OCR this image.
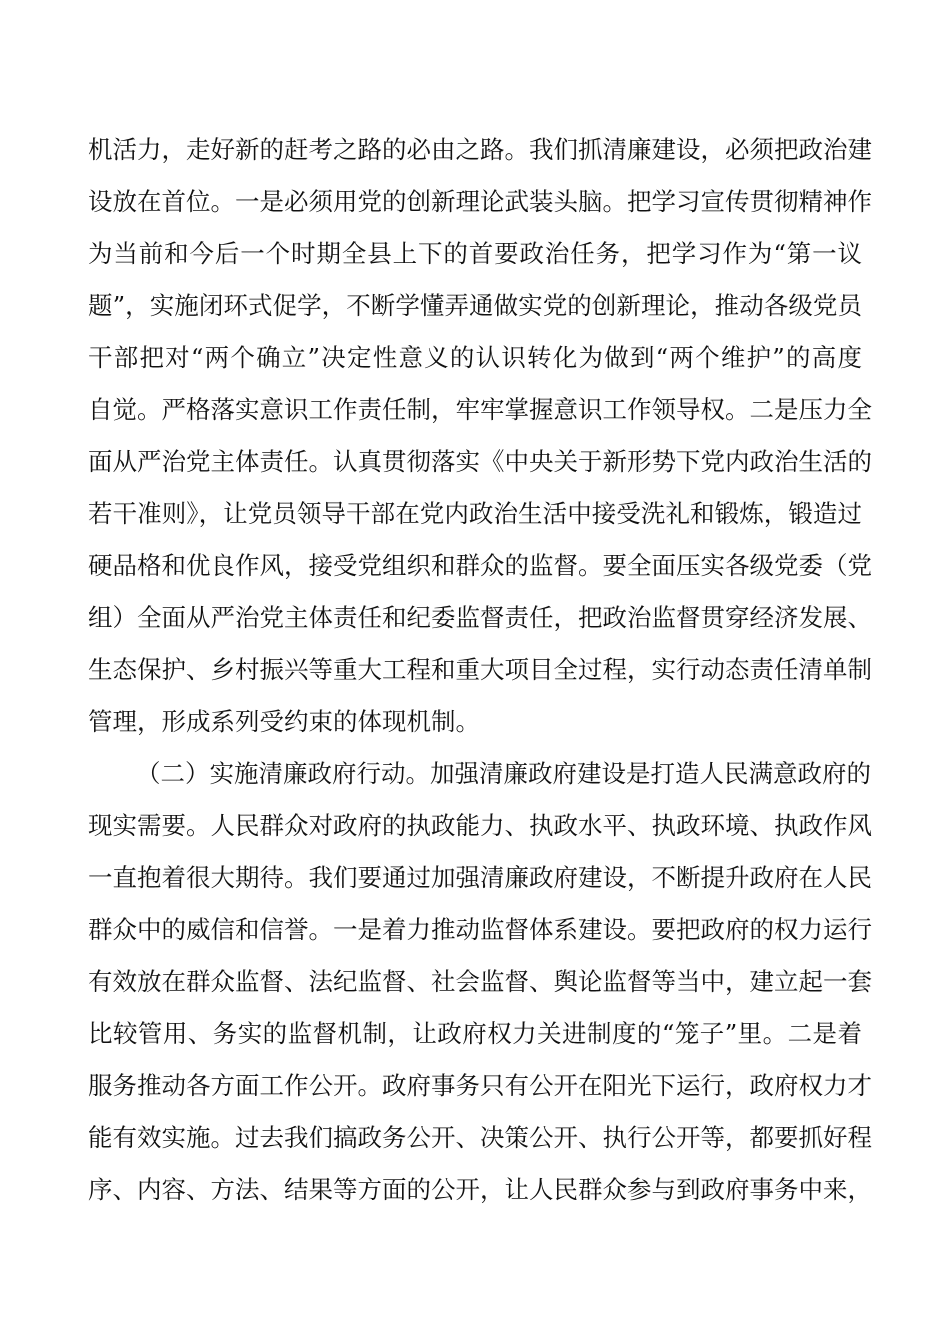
机活力，走好新的赶考之路的必由之路。我们抓清廉建设，必须把政治建

设放在首位。一是必须用党的创新理论武装头脑。把学习宣传贯彻精神作

为当前和今后一个时期全县上下的首要政治任务，把学习作为“第一议

题”，实施闭环式促学，不断学懂弄通做实党的创新理论，推动各级党员

干部把对“两个确立”决定性意义的认识转化为做到“两个维护”的高度

自觉。严格落实意识工作责任制，牢牢掌握意识工作领导权。二是压力全

面从严治党主体责任。认真贯彻落实《中央关于新形势下党内政治生活的

若干准则》，让党员领导干部在党内政治生活中接受洗礼和锻炼，锻造过

硬品格和优良作风，接受党组织和群众的监督。要全面压实各级党委（党

组）全面从严治党主体责任和纪委监督责任，把政治监督贯穿经济发展、

生态保护、乡村振兴等重大工程和重大项目全过程，实行动态责任清单制

管理，形成系列受约束的体现机制。

（二）实施清廉政府行动。加强清廉政府建设是打造人民满意政府的

现实需要。人民群众对政府的执政能力、执政水平、执政环境、执政作风

一直抱着很大期待。我们要通过加强清廉政府建设，不断提升政府在人民

群众中的威信和信誉。一是着力推动监督体系建设。要把政府的权力运行

有效放在群众监督、法纪监督、社会监督、舆论监督等当中，建立起一套

比较管用、务实的监督机制，让政府权力关进制度的“笼子”里。二是着

服务推动各方面工作公开。政府事务只有公开在阳光下运行，政府权力才

能有效实施。过去我们搞政务公开、决策公开、执行公开等，都要抓好程

序、内容、方法、结果等方面的公开，让人民群众参与到政府事务中来，
